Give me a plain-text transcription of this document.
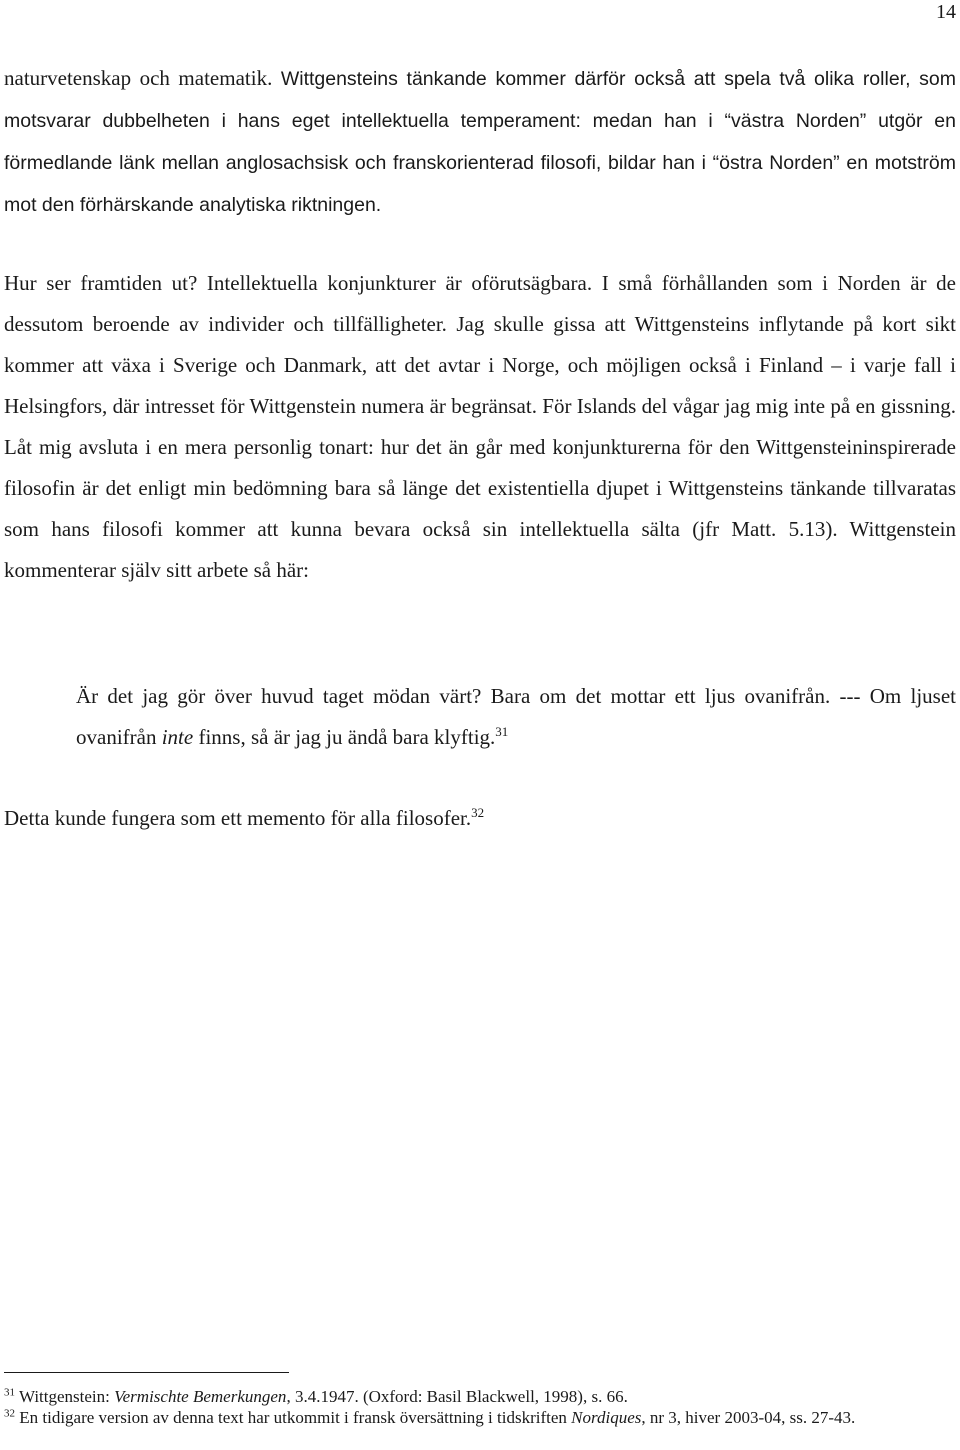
14
naturvetenskap och matematik. Wittgensteins tänkande kommer därför också att spela två olika roller, som motsvarar dubbelheten i hans eget intellektuella temperament: medan han i “västra Norden” utgör en förmedlande länk mellan anglosachsisk och franskorienterad filosofi, bildar han i “östra Norden” en motström mot den förhärskande analytiska riktningen.
Hur ser framtiden ut? Intellektuella konjunkturer är oförutsägbara. I små förhållanden som i Norden är de dessutom beroende av individer och tillfälligheter. Jag skulle gissa att Wittgensteins inflytande på kort sikt kommer att växa i Sverige och Danmark, att det avtar i Norge, och möjligen också i Finland – i varje fall i Helsingfors, där intresset för Wittgenstein numera är begränsat. För Islands del vågar jag mig inte på en gissning. Låt mig avsluta i en mera personlig tonart: hur det än går med konjunkturerna för den Wittgensteininspirerade filosofin är det enligt min bedömning bara så länge det existentiella djupet i Wittgensteins tänkande tillvaratas som hans filosofi kommer att kunna bevara också sin intellektuella sälta (jfr Matt. 5.13). Wittgenstein kommenterar själv sitt arbete så här:
Är det jag gör över huvud taget mödan värt? Bara om det mottar ett ljus ovanifrån. --- Om ljuset ovanifrån inte finns, så är jag ju ändå bara klyftig.$^{31}$
Detta kunde fungera som ett memento för alla filosofer.$^{32}$

$^{31}$ Wittgenstein: Vermischte Bemerkungen, 3.4.1947. (Oxford: Basil Blackwell, 1998), s. 66.

$^{32}$ En tidigare version av denna text har utkommit i fransk översättning i tidskriften Nordiques, nr 3, hiver 2003-04, ss. 27-43.
